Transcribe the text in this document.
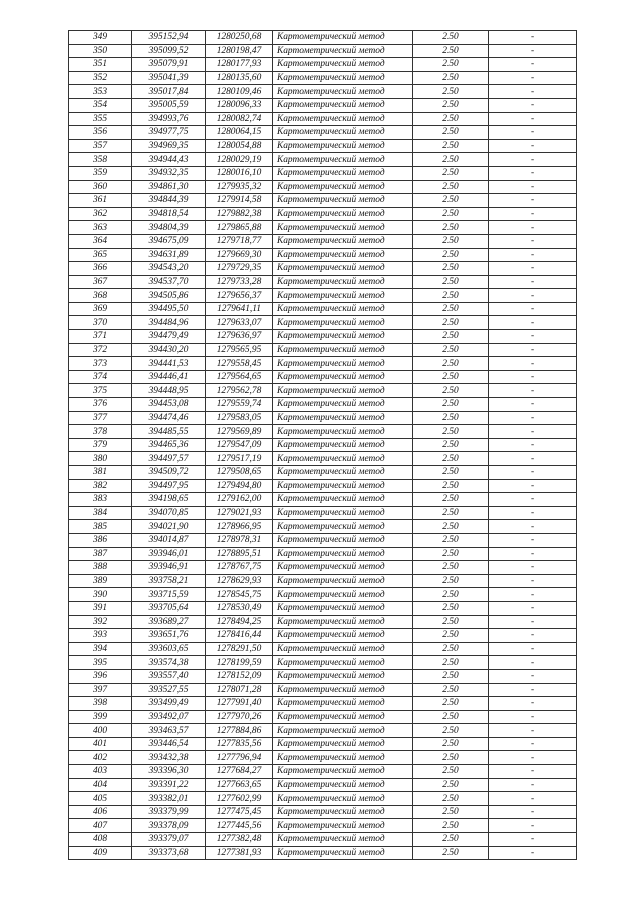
349	395152,94	1280250,68	Картометрический метод	2.50	-
350	395099,52	1280198,47	Картометрический метод	2.50	-
351	395079,91	1280177,93	Картометрический метод	2.50	-
352	395041,39	1280135,60	Картометрический метод	2.50	-
353	395017,84	1280109,46	Картометрический метод	2.50	-
354	395005,59	1280096,33	Картометрический метод	2.50	-
355	394993,76	1280082,74	Картометрический метод	2.50	-
356	394977,75	1280064,15	Картометрический метод	2.50	-
357	394969,35	1280054,88	Картометрический метод	2.50	-
358	394944,43	1280029,19	Картометрический метод	2.50	-
359	394932,35	1280016,10	Картометрический метод	2.50	-
360	394861,30	1279935,32	Картометрический метод	2.50	-
361	394844,39	1279914,58	Картометрический метод	2.50	-
362	394818,54	1279882,38	Картометрический метод	2.50	-
363	394804,39	1279865,88	Картометрический метод	2.50	-
364	394675,09	1279718,77	Картометрический метод	2.50	-
365	394631,89	1279669,30	Картометрический метод	2.50	-
366	394543,20	1279729,35	Картометрический метод	2.50	-
367	394537,70	1279733,28	Картометрический метод	2.50	-
368	394505,86	1279656,37	Картометрический метод	2.50	-
369	394495,50	1279641,11	Картометрический метод	2.50	-
370	394484,96	1279633,07	Картометрический метод	2.50	-
371	394479,49	1279636,97	Картометрический метод	2.50	-
372	394430,20	1279565,95	Картометрический метод	2.50	-
373	394441,53	1279558,45	Картометрический метод	2.50	-
374	394446,41	1279564,65	Картометрический метод	2.50	-
375	394448,95	1279562,78	Картометрический метод	2.50	-
376	394453,08	1279559,74	Картометрический метод	2.50	-
377	394474,46	1279583,05	Картометрический метод	2.50	-
378	394485,55	1279569,89	Картометрический метод	2.50	-
379	394465,36	1279547,09	Картометрический метод	2.50	-
380	394497,57	1279517,19	Картометрический метод	2.50	-
381	394509,72	1279508,65	Картометрический метод	2.50	-
382	394497,95	1279494,80	Картометрический метод	2.50	-
383	394198,65	1279162,00	Картометрический метод	2.50	-
384	394070,85	1279021,93	Картометрический метод	2.50	-
385	394021,90	1278966,95	Картометрический метод	2.50	-
386	394014,87	1278978,31	Картометрический метод	2.50	-
387	393946,01	1278895,51	Картометрический метод	2.50	-
388	393946,91	1278767,75	Картометрический метод	2.50	-
389	393758,21	1278629,93	Картометрический метод	2.50	-
390	393715,59	1278545,75	Картометрический метод	2.50	-
391	393705,64	1278530,49	Картометрический метод	2.50	-
392	393689,27	1278494,25	Картометрический метод	2.50	-
393	393651,76	1278416,44	Картометрический метод	2.50	-
394	393603,65	1278291,50	Картометрический метод	2.50	-
395	393574,38	1278199,59	Картометрический метод	2.50	-
396	393557,40	1278152,09	Картометрический метод	2.50	-
397	393527,55	1278071,28	Картометрический метод	2.50	-
398	393499,49	1277991,40	Картометрический метод	2.50	-
399	393492,07	1277970,26	Картометрический метод	2.50	-
400	393463,57	1277884,86	Картометрический метод	2.50	-
401	393446,54	1277835,56	Картометрический метод	2.50	-
402	393432,38	1277796,94	Картометрический метод	2.50	-
403	393396,30	1277684,27	Картометрический метод	2.50	-
404	393391,22	1277663,65	Картометрический метод	2.50	-
405	393382,01	1277602,99	Картометрический метод	2.50	-
406	393379,99	1277475,45	Картометрический метод	2.50	-
407	393378,09	1277445,56	Картометрический метод	2.50	-
408	393379,07	1277382,48	Картометрический метод	2.50	-
409	393373,68	1277381,93	Картометрический метод	2.50	-
